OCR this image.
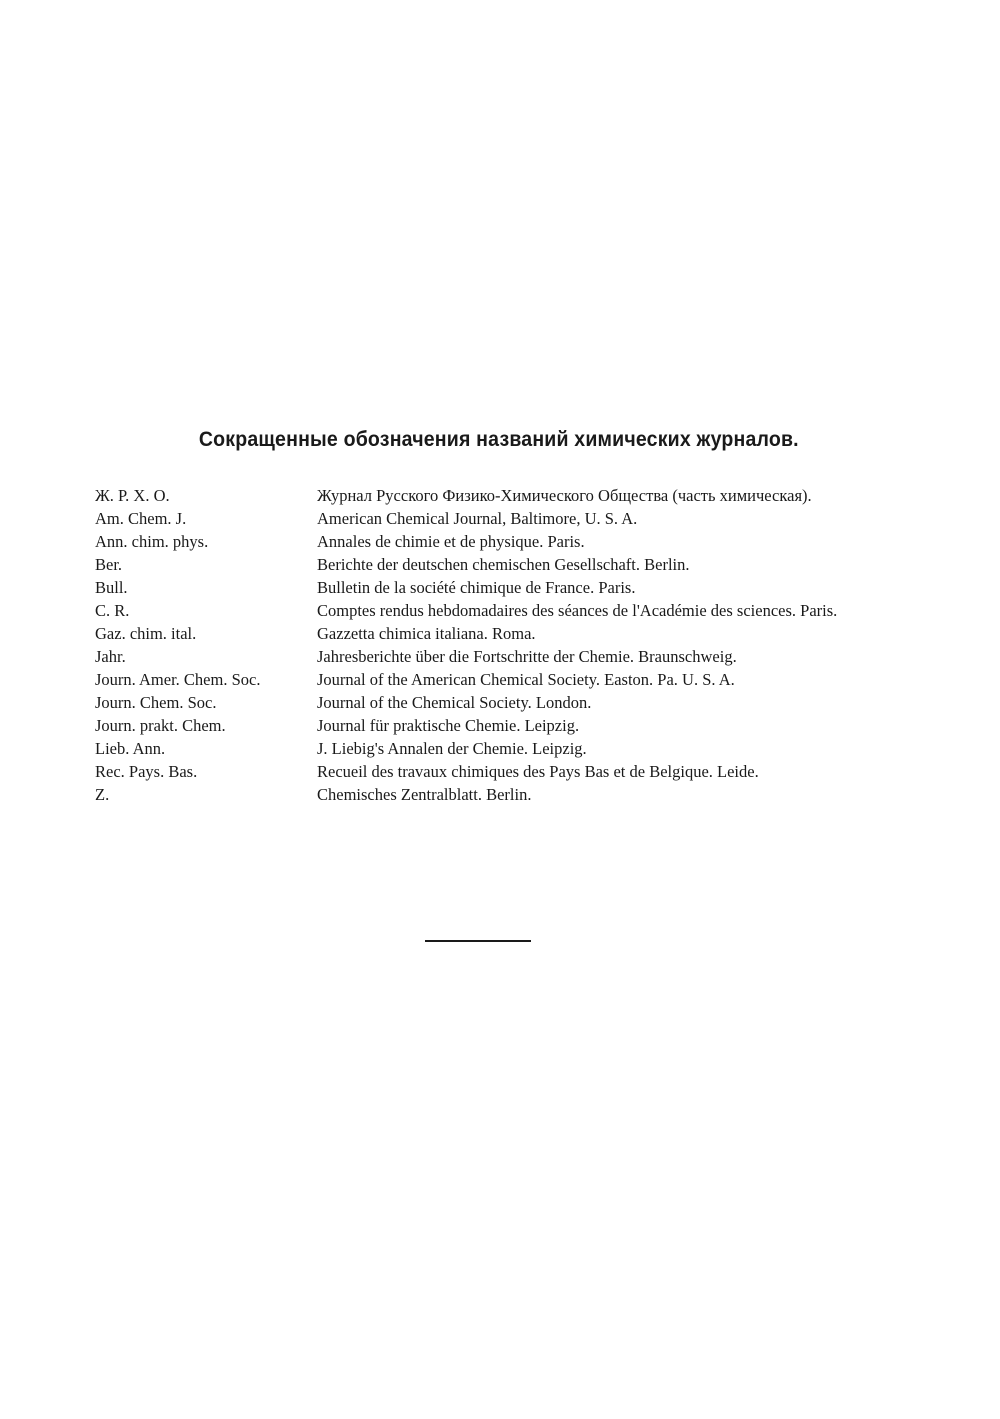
Сокращенные обозначения названий химических журналов.
Ж. Р. Х. О.	Журнал Русского Физико-Химического Общества (часть химическая).
Am. Chem. J.	American Chemical Journal, Baltimore, U. S. A.
Ann. chim. phys.	Annales de chimie et de physique. Paris.
Ber.	Berichte der deutschen chemischen Gesellschaft. Berlin.
Bull.	Bulletin de la société chimique de France. Paris.
C. R.	Comptes rendus hebdomadaires des séances de l'Académie des sciences. Paris.
Gaz. chim. ital.	Gazzetta chimica italiana. Roma.
Jahr.	Jahresberichte über die Fortschritte der Chemie. Braunschweig.
Journ. Amer. Chem. Soc.	Journal of the American Chemical Society. Easton. Pa. U. S. A.
Journ. Chem. Soc.	Journal of the Chemical Society. London.
Journ. prakt. Chem.	Journal für praktische Chemie. Leipzig.
Lieb. Ann.	J. Liebig's Annalen der Chemie. Leipzig.
Rec. Pays. Bas.	Recueil des travaux chimiques des Pays Bas et de Belgique. Leide.
Z.	Chemisches Zentralblatt. Berlin.
